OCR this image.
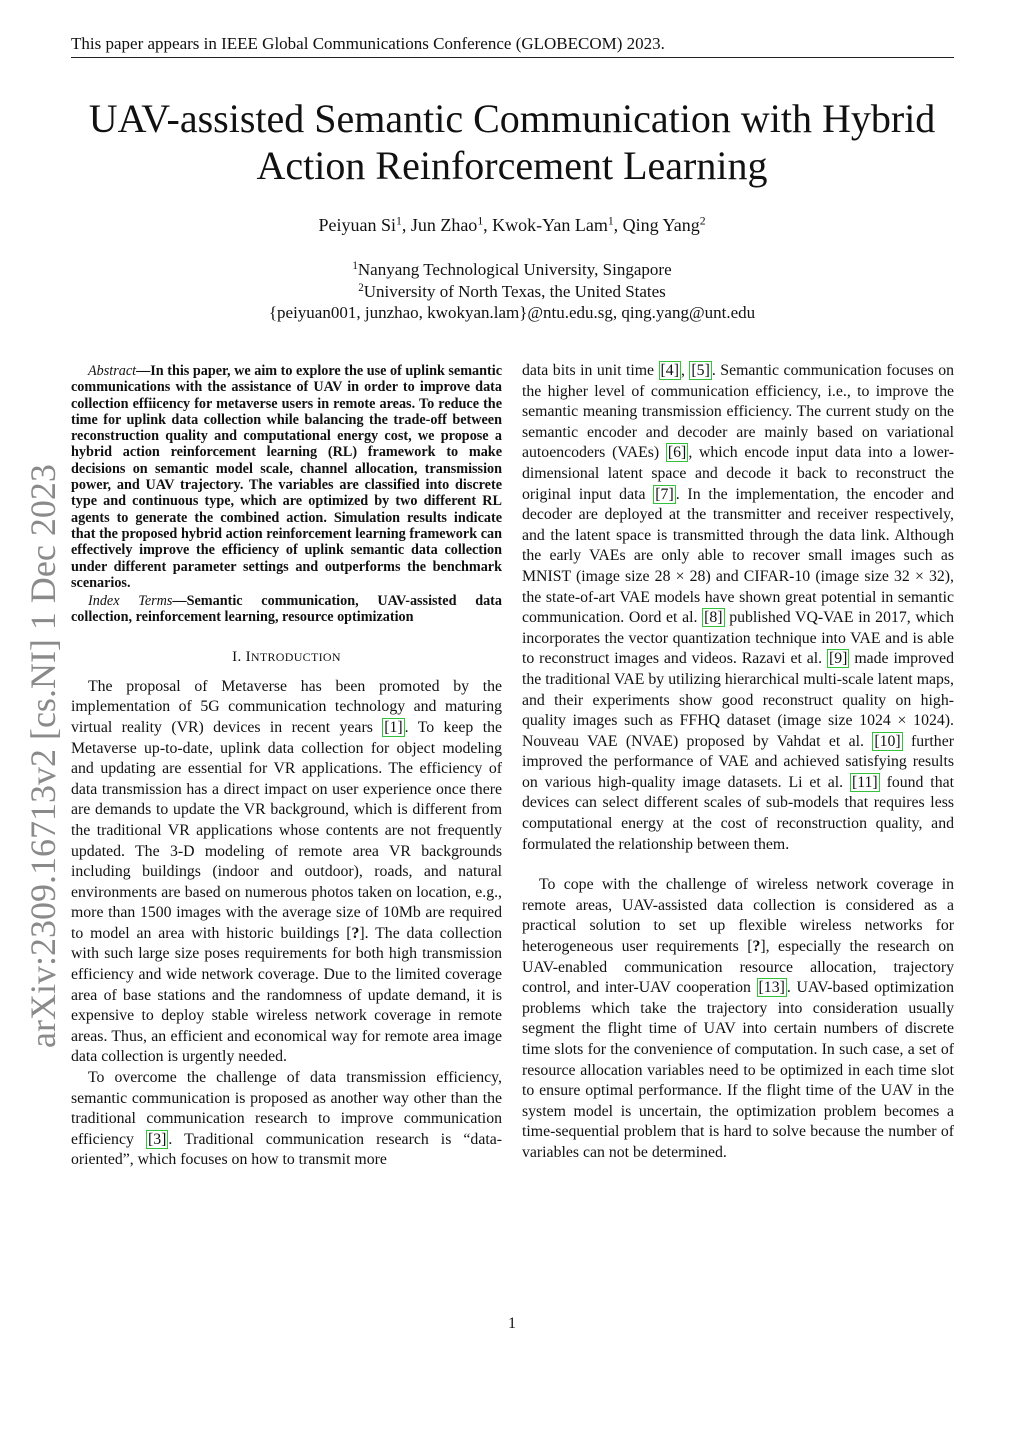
This paper appears in IEEE Global Communications Conference (GLOBECOM) 2023.
UAV-assisted Semantic Communication with Hybrid
Action Reinforcement Learning
Peiyuan Si$^1$, Jun Zhao$^1$, Kwok-Yan Lam$^1$, Qing Yang$^2$
$^1$Nanyang Technological University, Singapore
$^2$University of North Texas, the United States
{peiyuan001, junzhao, kwokyan.lam}@ntu.edu.sg, qing.yang@unt.edu
arXiv:2309.16713v2 [cs.NI] 1 Dec 2023

Abstract—In this paper, we aim to explore the use of uplink semantic communications with the assistance of UAV in order to improve data collection effiicency for metaverse users in remote areas. To reduce the time for uplink data collection while balancing the trade-off between reconstruction quality and computational energy cost, we propose a hybrid action reinforcement learning (RL) framework to make decisions on semantic model scale, channel allocation, transmission power, and UAV trajectory. The variables are classified into discrete type and continuous type, which are optimized by two different RL agents to generate the combined action. Simulation results indicate that the proposed hybrid action reinforcement learning framework can effectively improve the efficiency of uplink semantic data collection under different parameter settings and outperforms the benchmark scenarios.

Index Terms—Semantic communication, UAV-assisted data collection, reinforcement learning, resource optimization

I. INTRODUCTION

The proposal of Metaverse has been promoted by the implementation of 5G communication technology and maturing virtual reality (VR) devices in recent years [1] . To keep the Metaverse up-to-date, uplink data collection for object modeling and updating are essential for VR applications. The efficiency of data transmission has a direct impact on user experience once there are demands to update the VR background, which is different from the traditional VR applications whose contents are not frequently updated. The 3-D modeling of remote area VR backgrounds including buildings (indoor and outdoor), roads, and natural environments are based on numerous photos taken on location, e.g., more than 1500 images with the average size of 10Mb are required to model an area with historic buildings [?]. The data collection with such large size poses requirements for both high transmission efficiency and wide network coverage. Due to the limited coverage area of base stations and the randomness of update demand, it is expensive to deploy stable wireless network coverage in remote areas. Thus, an efficient and economical way for remote area image data collection is urgently needed.

To overcome the challenge of data transmission efficiency, semantic communication is proposed as another way other than the traditional communication research to improve communication efficiency [3] . Traditional communication research is “data-oriented”, which focuses on how to transmit more

data bits in unit time [4] , [5] . Semantic communication focuses on the higher level of communication efficiency, i.e., to improve the semantic meaning transmission efficiency. The current study on the semantic encoder and decoder are mainly based on variational autoencoders (VAEs) [6] , which encode input data into a lower-dimensional latent space and decode it back to reconstruct the original input data [7] . In the implementation, the encoder and decoder are deployed at the transmitter and receiver respectively, and the latent space is transmitted through the data link. Although the early VAEs are only able to recover small images such as MNIST (image size 28 × 28) and CIFAR-10 (image size 32 × 32), the state-of-art VAE models have shown great potential in semantic communication. Oord et al. [8] published VQ-VAE in 2017, which incorporates the vector quantization technique into VAE and is able to reconstruct images and videos. Razavi et al. [9] made improved the traditional VAE by utilizing hierarchical multi-scale latent maps, and their experiments show good reconstruct quality on high-quality images such as FFHQ dataset (image size 1024 × 1024). Nouveau VAE (NVAE) proposed by Vahdat et al. [10] further improved the performance of VAE and achieved satisfying results on various high-quality image datasets. Li et al. [11] found that devices can select different scales of sub-models that requires less computational energy at the cost of reconstruction quality, and formulated the relationship between them.

To cope with the challenge of wireless network coverage in remote areas, UAV-assisted data collection is considered as a practical solution to set up flexible wireless networks for heterogeneous user requirements [?], especially the research on UAV-enabled communication resource allocation, trajectory control, and inter-UAV cooperation [13] . UAV-based optimization problems which take the trajectory into consideration usually segment the flight time of UAV into certain numbers of discrete time slots for the convenience of computation. In such case, a set of resource allocation variables need to be optimized in each time slot to ensure optimal performance. If the flight time of the UAV in the system model is uncertain, the optimization problem becomes a time-sequential problem that is hard to solve because the number of variables can not be determined.

1
